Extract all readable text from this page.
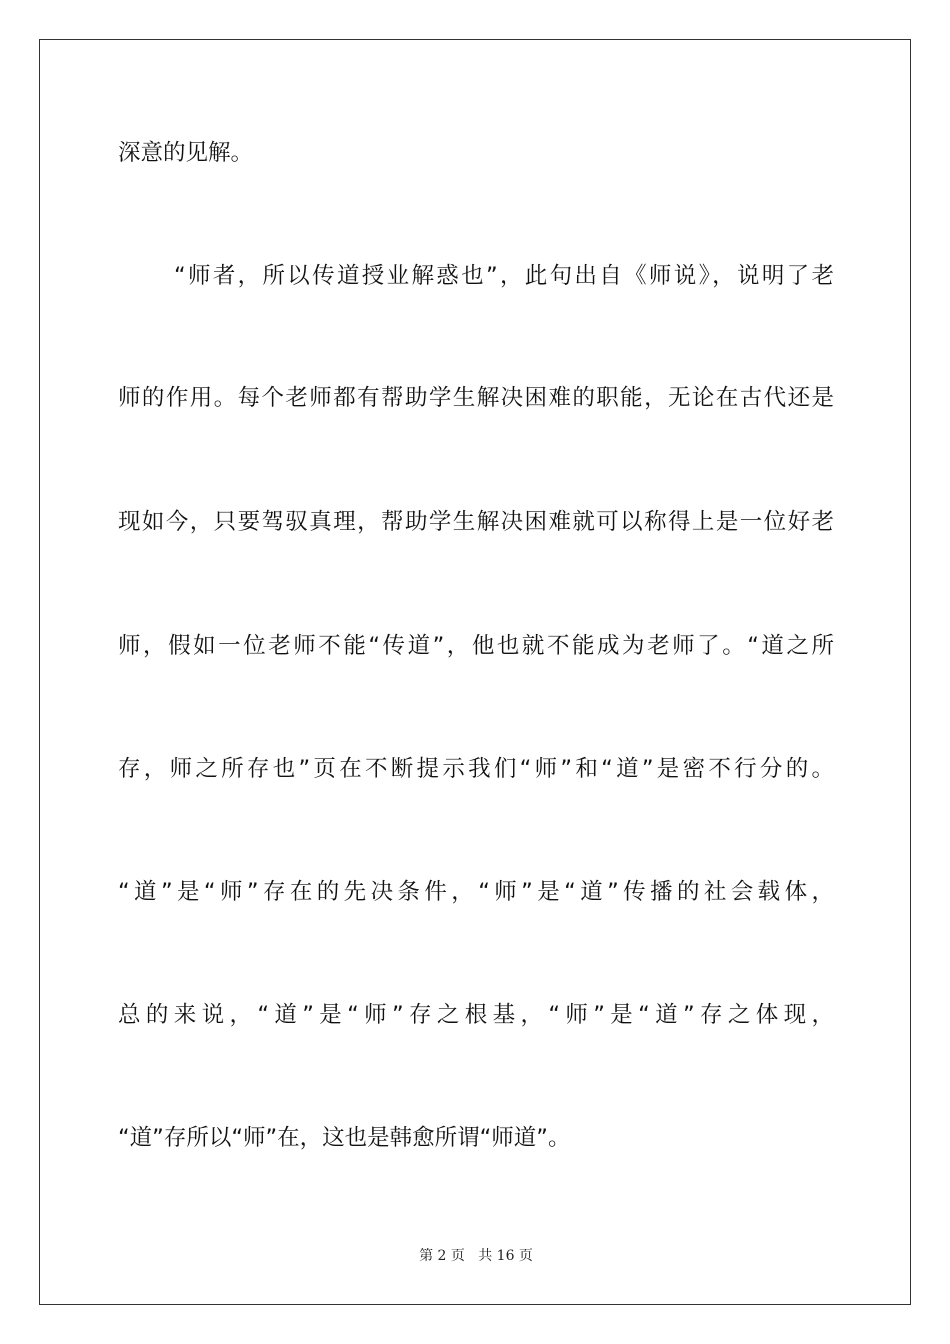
深意的见解。
“师者，所以传道授业解惑也”，此句出自《师说》，说明了老
师的作用。每个老师都有帮助学生解决困难的职能，无论在古代还是
现如今，只要驾驭真理，帮助学生解决困难就可以称得上是一位好老
师，假如一位老师不能“传道”，他也就不能成为老师了。“道之所
存，师之所存也”页在不断提示我们“师”和“道”是密不行分的。
“道”是“师”存在的先决条件，“师”是“道”传播的社会载体，
总的来说，“道”是“师”存之根基，“师”是“道”存之体现，
“道”存所以“师”在，这也是韩愈所谓“师道”。
第 2 页   共 16 页
